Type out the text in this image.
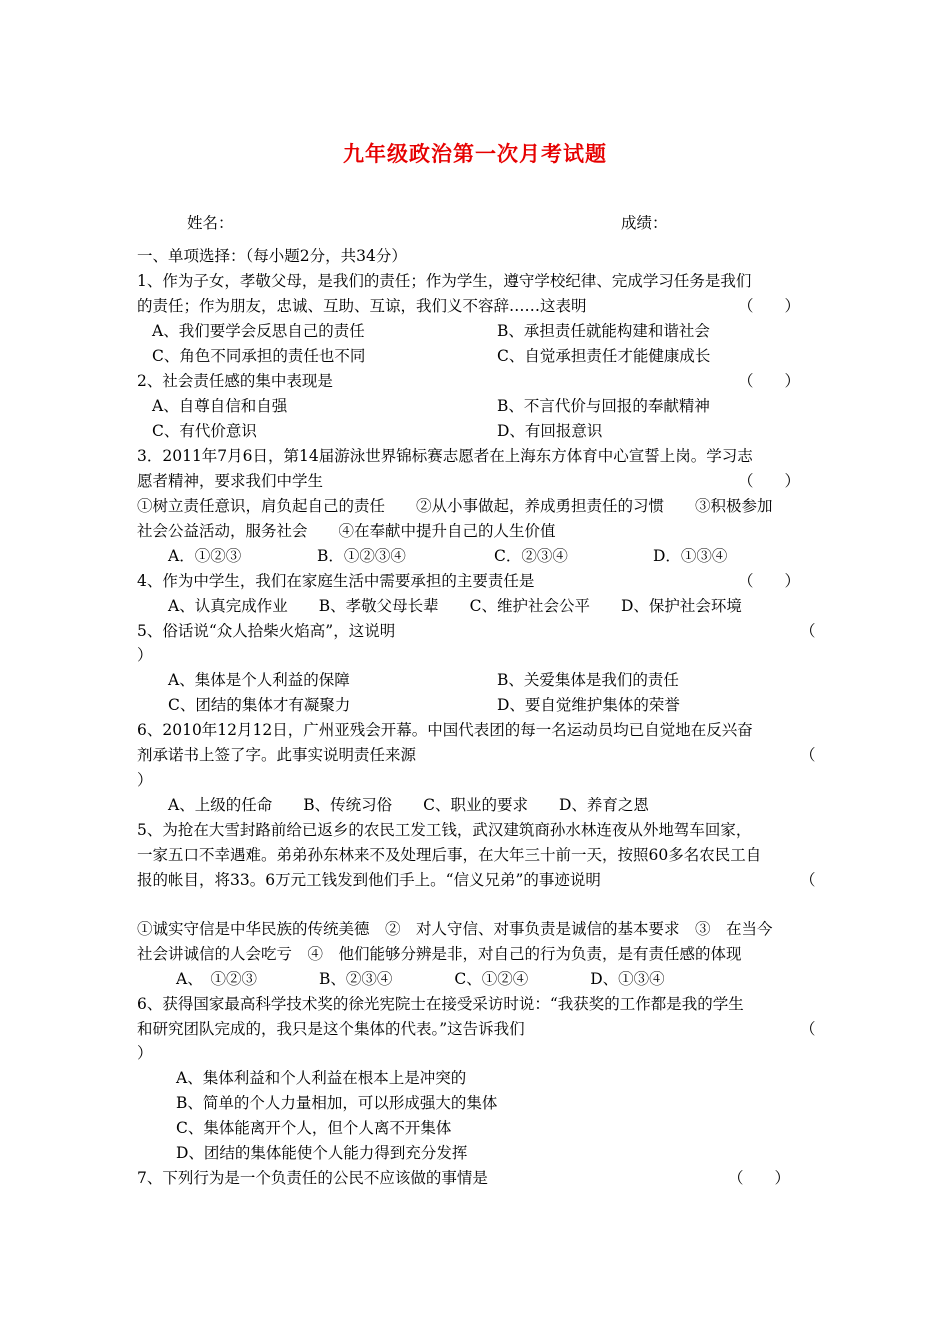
九年级政治第一次月考试题
姓名：	成绩：
一、单项选择：（每小题2分，共34分）
1、作为子女，孝敬父母，是我们的责任；作为学生，遵守学校纪律、完成学习任务是我们
的责任；作为朋友，忠诚、互助、互谅，我们义不容辞……这表明	（　　）
A、我们要学会反思自己的责任	B、承担责任就能构建和谐社会
C、角色不同承担的责任也不同	C、自觉承担责任才能健康成长
2、社会责任感的集中表现是	（　　）
A、自尊自信和自强	B、不言代价与回报的奉献精神
C、有代价意识	D、有回报意识
3．2011年7月6日，第14届游泳世界锦标赛志愿者在上海东方体育中心宣誓上岗。学习志
愿者精神，要求我们中学生	（　　）
①树立责任意识，肩负起自己的责任　　②从小事做起，养成勇担责任的习惯　　③积极参加
社会公益活动，服务社会　　④在奉献中提升自己的人生价值
A．①②③	B．①②③④	C．②③④	D．①③④
4、作为中学生，我们在家庭生活中需要承担的主要责任是	（　　）
A、认真完成作业　　B、孝敬父母长辈　　C、维护社会公平　　D、保护社会环境
5、俗话说“众人拾柴火焰高”，这说明	（
）
A、集体是个人利益的保障	B、关爱集体是我们的责任
C、团结的集体才有凝聚力	D、要自觉维护集体的荣誉
6、2010年12月12日，广州亚残会开幕。中国代表团的每一名运动员均已自觉地在反兴奋
剂承诺书上签了字。此事实说明责任来源	（
）
A、上级的任命　　B、传统习俗　　C、职业的要求　　D、养育之恩
5、为抢在大雪封路前给已返乡的农民工发工钱，武汉建筑商孙水林连夜从外地驾车回家，
一家五口不幸遇难。弟弟孙东林来不及处理后事，在大年三十前一天，按照60多名农民工自
报的帐目，将33。6万元工钱发到他们手上。“信义兄弟”的事迹说明	（
①诚实守信是中华民族的传统美德　②　对人守信、对事负责是诚信的基本要求　③　在当今
社会讲诚信的人会吃亏　④　他们能够分辨是非，对自己的行为负责，是有责任感的体现
A、　①②③　　　　B、②③④　　　　C、①②④　　　　D、①③④
6、获得国家最高科学技术奖的徐光宪院士在接受采访时说：“我获奖的工作都是我的学生
和研究团队完成的，我只是这个集体的代表。”这告诉我们	（
）
A、集体利益和个人利益在根本上是冲突的
B、简单的个人力量相加，可以形成强大的集体
C、集体能离开个人，但个人离不开集体
D、团结的集体能使个人能力得到充分发挥
7、下列行为是一个负责任的公民不应该做的事情是	（　　）
